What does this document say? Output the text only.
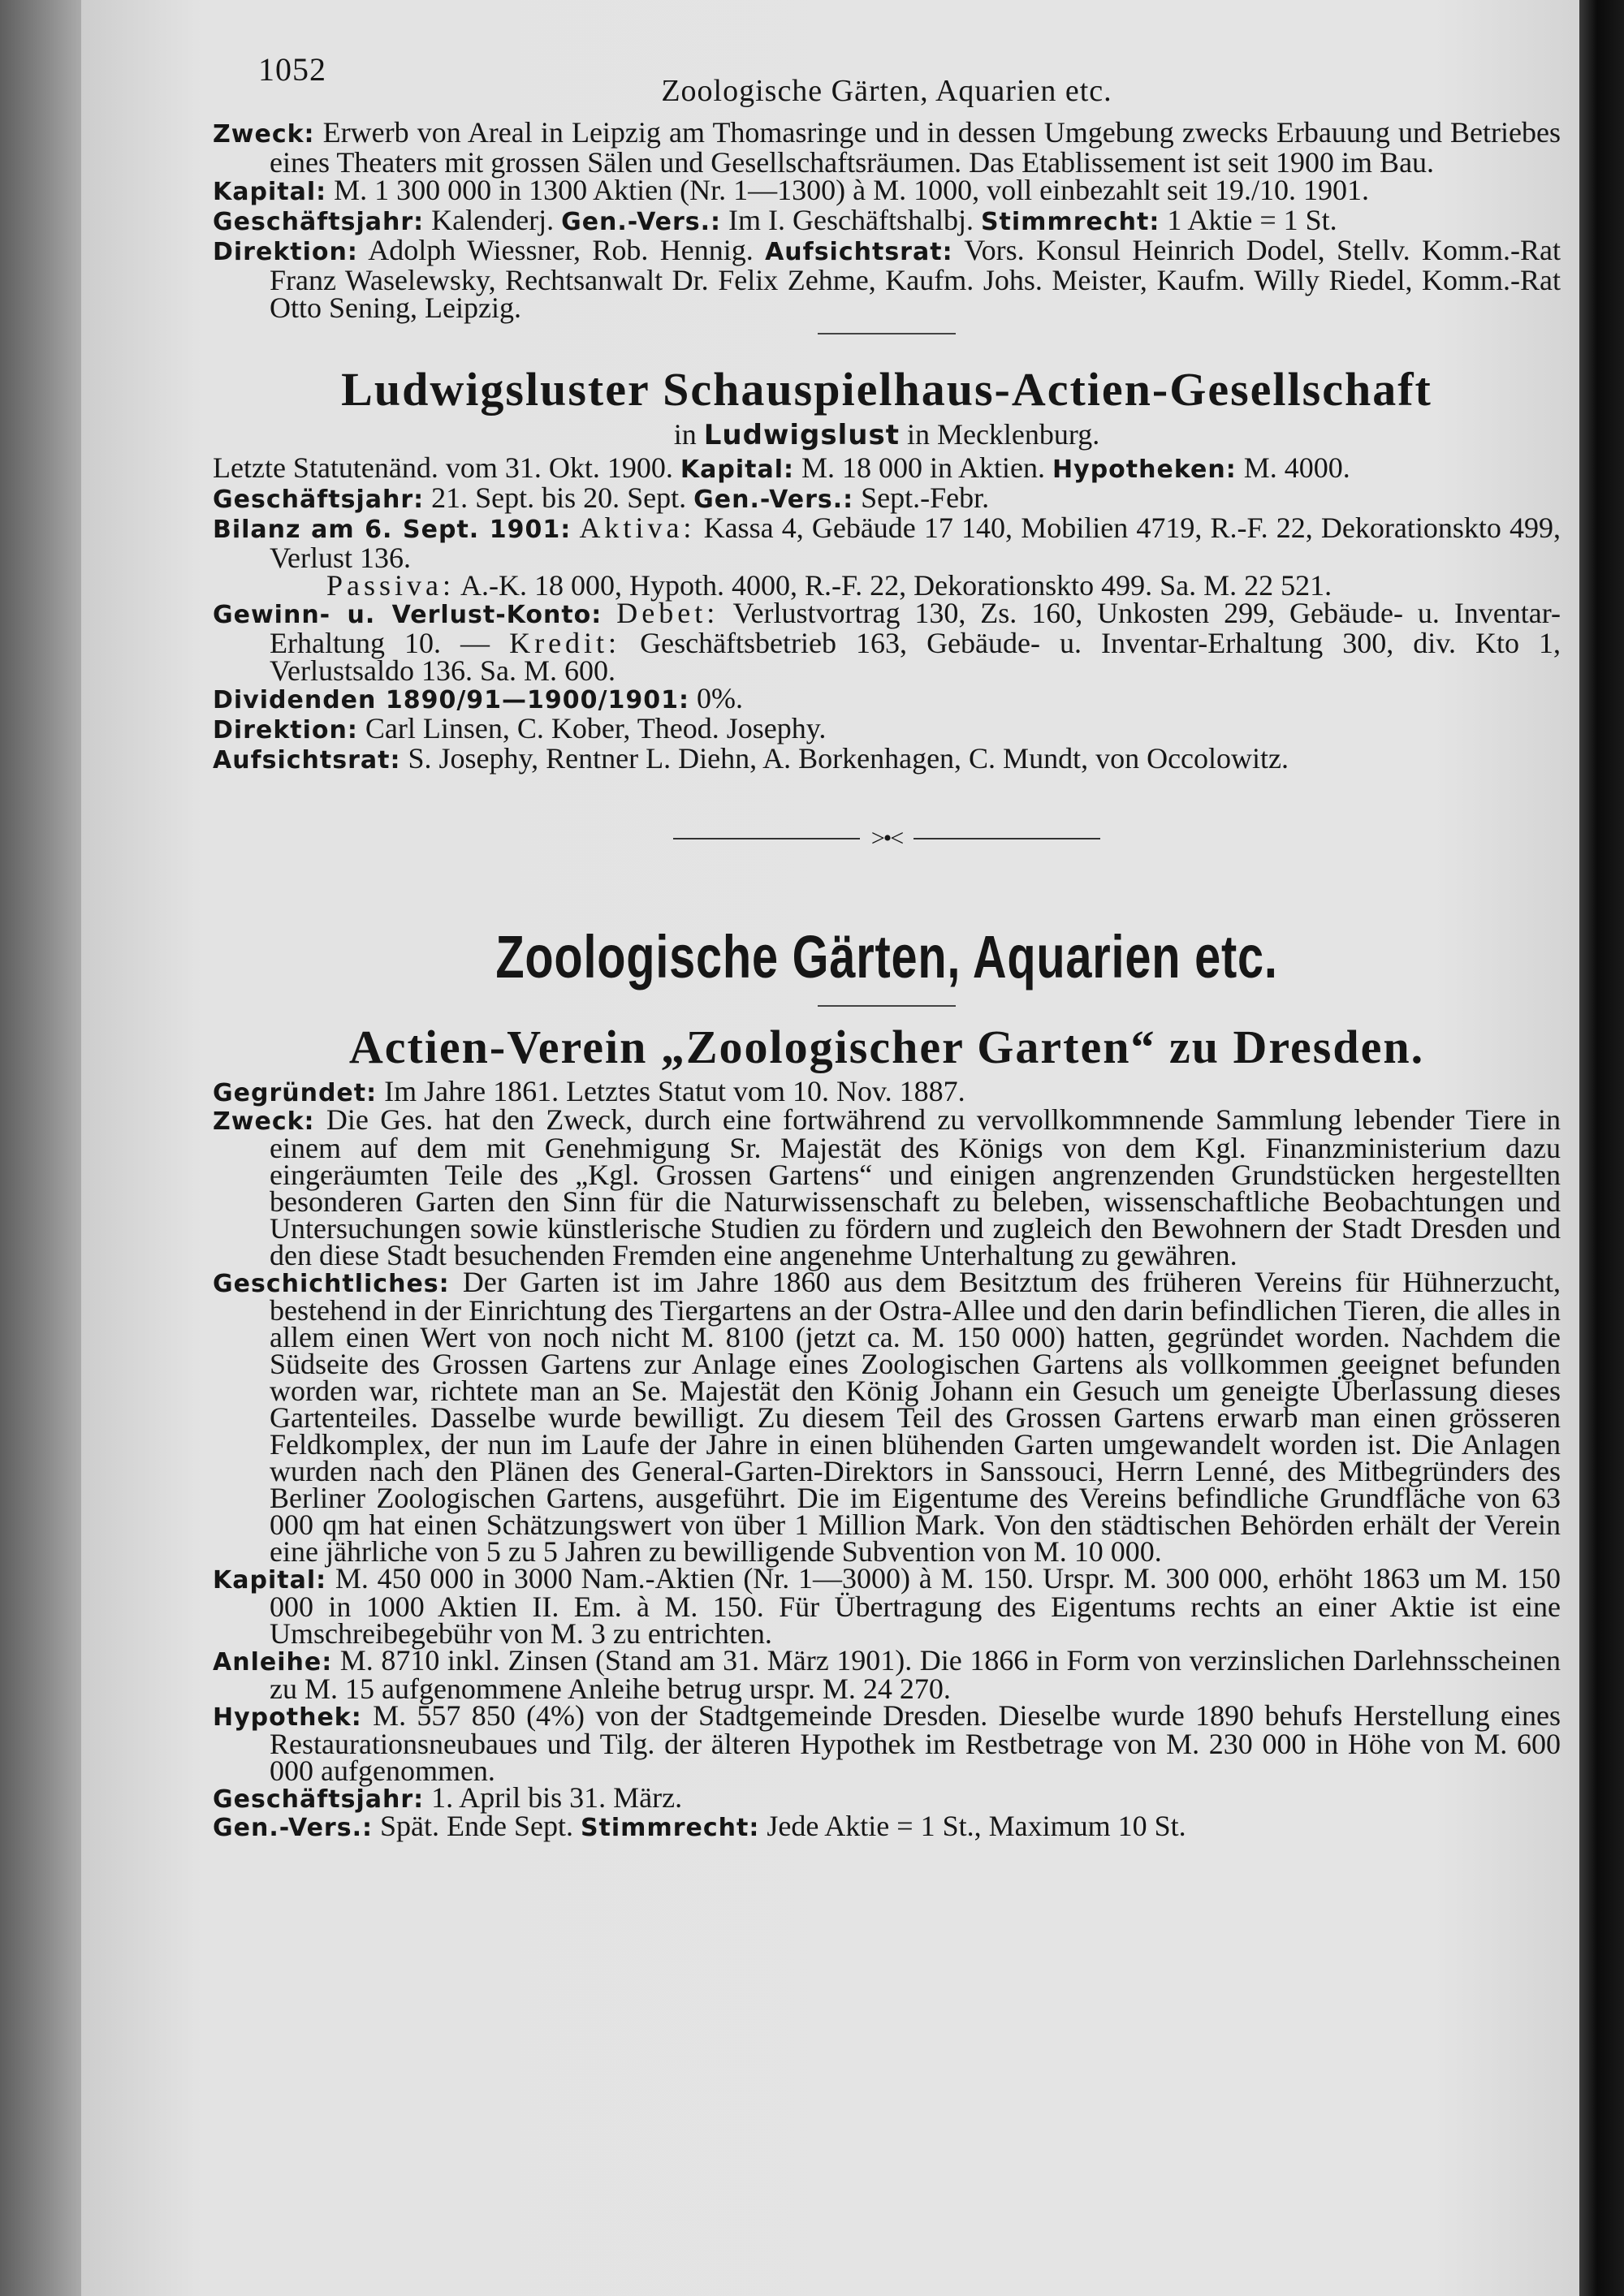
1052
Zoologische Gärten, Aquarien etc.

Zweck: Erwerb von Areal in Leipzig am Thomasringe und in dessen Umgebung zwecks Erbauung und Betriebes eines Theaters mit grossen Sälen und Gesellschaftsräumen. Das Etablissement ist seit 1900 im Bau.

Kapital: M. 1 300 000 in 1300 Aktien (Nr. 1—1300) à M. 1000, voll einbezahlt seit 19./10. 1901.

Geschäftsjahr: Kalenderj. Gen.-Vers.: Im I. Geschäftshalbj. Stimmrecht: 1 Aktie = 1 St.

Direktion: Adolph Wiessner, Rob. Hennig. Aufsichtsrat: Vors. Konsul Heinrich Dodel, Stellv. Komm.-Rat Franz Waselewsky, Rechtsanwalt Dr. Felix Zehme, Kaufm. Johs. Meister, Kaufm. Willy Riedel, Komm.-Rat Otto Sening, Leipzig.

Ludwigsluster Schauspielhaus-Actien-Gesellschaft
in Ludwigslust in Mecklenburg.

Letzte Statutenänd. vom 31. Okt. 1900. Kapital: M. 18 000 in Aktien. Hypotheken: M. 4000.

Geschäftsjahr: 21. Sept. bis 20. Sept. Gen.-Vers.: Sept.-Febr.

Bilanz am 6. Sept. 1901: Aktiva: Kassa 4, Gebäude 17 140, Mobilien 4719, R.-F. 22, Dekorationskto 499, Verlust 136.

Passiva: A.-K. 18 000, Hypoth. 4000, R.-F. 22, Dekorationskto 499. Sa. M. 22 521.

Gewinn- u. Verlust-Konto: Debet: Verlustvortrag 130, Zs. 160, Unkosten 299, Gebäude- u. Inventar-Erhaltung 10. — Kredit: Geschäftsbetrieb 163, Gebäude- u. Inventar-Erhaltung 300, div. Kto 1, Verlustsaldo 136. Sa. M. 600.

Dividenden 1890/91—1900/1901: 0%.

Direktion: Carl Linsen, C. Kober, Theod. Josephy.

Aufsichtsrat: S. Josephy, Rentner L. Diehn, A. Borkenhagen, C. Mundt, von Occolowitz.

>•<
Zoologische Gärten, Aquarien etc.
Actien-Verein „Zoologischer Garten“ zu Dresden.

Gegründet: Im Jahre 1861. Letztes Statut vom 10. Nov. 1887.

Zweck: Die Ges. hat den Zweck, durch eine fortwährend zu vervollkommnende Sammlung lebender Tiere in einem auf dem mit Genehmigung Sr. Majestät des Königs von dem Kgl. Finanzministerium dazu eingeräumten Teile des „Kgl. Grossen Gartens“ und einigen angrenzenden Grundstücken hergestellten besonderen Garten den Sinn für die Naturwissenschaft zu beleben, wissenschaftliche Beobachtungen und Untersuchungen sowie künstlerische Studien zu fördern und zugleich den Bewohnern der Stadt Dresden und den diese Stadt besuchenden Fremden eine angenehme Unterhaltung zu gewähren.

Geschichtliches: Der Garten ist im Jahre 1860 aus dem Besitztum des früheren Vereins für Hühnerzucht, bestehend in der Einrichtung des Tiergartens an der Ostra-Allee und den darin befindlichen Tieren, die alles in allem einen Wert von noch nicht M. 8100 (jetzt ca. M. 150 000) hatten, gegründet worden. Nachdem die Südseite des Grossen Gartens zur Anlage eines Zoologischen Gartens als vollkommen geeignet befunden worden war, richtete man an Se. Majestät den König Johann ein Gesuch um geneigte Überlassung dieses Gartenteiles. Dasselbe wurde bewilligt. Zu diesem Teil des Grossen Gartens erwarb man einen grösseren Feldkomplex, der nun im Laufe der Jahre in einen blühenden Garten umgewandelt worden ist. Die Anlagen wurden nach den Plänen des General-Garten-Direktors in Sanssouci, Herrn Lenné, des Mitbegründers des Berliner Zoologischen Gartens, ausgeführt. Die im Eigentume des Vereins befindliche Grundfläche von 63 000 qm hat einen Schätzungswert von über 1 Million Mark. Von den städtischen Behörden erhält der Verein eine jährliche von 5 zu 5 Jahren zu bewilligende Subvention von M. 10 000.

Kapital: M. 450 000 in 3000 Nam.-Aktien (Nr. 1—3000) à M. 150. Urspr. M. 300 000, erhöht 1863 um M. 150 000 in 1000 Aktien II. Em. à M. 150. Für Übertragung des Eigentums rechts an einer Aktie ist eine Umschreibegebühr von M. 3 zu entrichten.

Anleihe: M. 8710 inkl. Zinsen (Stand am 31. März 1901). Die 1866 in Form von verzinslichen Darlehnsscheinen zu M. 15 aufgenommene Anleihe betrug urspr. M. 24 270.

Hypothek: M. 557 850 (4%) von der Stadtgemeinde Dresden. Dieselbe wurde 1890 behufs Herstellung eines Restaurationsneubaues und Tilg. der älteren Hypothek im Restbetrage von M. 230 000 in Höhe von M. 600 000 aufgenommen.

Geschäftsjahr: 1. April bis 31. März.

Gen.-Vers.: Spät. Ende Sept. Stimmrecht: Jede Aktie = 1 St., Maximum 10 St.
